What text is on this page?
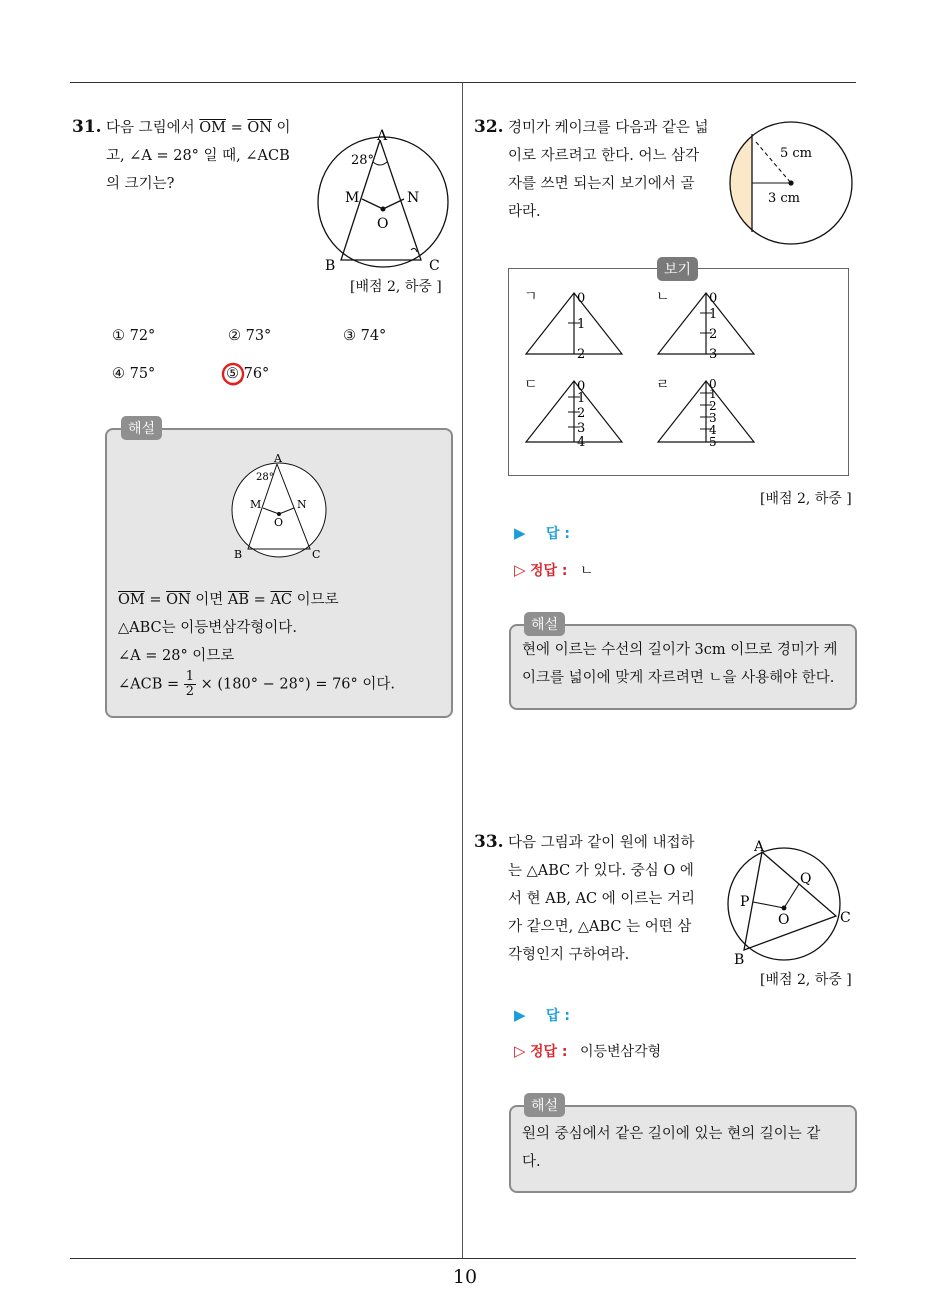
10
31. 다음 그림에서 $\overline{OM} = \overline{ON}$ 이
고, ∠A = 28° 일 때, ∠ACB
의 크기는?
A
28°
M	N
O
B	C
[배점 2, 하중 ]
① 72°	② 73°	③ 74°
④ 75°	⑤ 76°
해설
A
28°
M	N
O
B	C
$\overline{OM} = \overline{ON}$ 이면 $\overline{AB} = \overline{AC}$ 이므로
△ABC는 이등변삼각형이다.
∠A = 28° 이므로
∠ACB = $\frac{1}{2} \times (180^\circ - 28^\circ) = 76^\circ$ 이다.
32. 경미가 케이크를 다음과 같은 넓
이로 자르려고 한다. 어느 삼각
자를 쓰면 되는지 보기에서 골
라라.
5 cm
3 cm
보기
ㄱ	0
1
2
ㄴ	0
1
2
3
ㄷ	0
1
2
3
4
ㄹ	0
1
2
3
4
5
[배점 2, 하중 ]
▶ 답 :
▷ 정답 : ㄴ
해설
현에 이르는 수선의 길이가 3cm 이므로 경미가 케
이크를 넓이에 맞게 자르려면 ㄴ을 사용해야 한다.
33. 다음 그림과 같이 원에 내접하
는 △ABC 가 있다. 중심 O 에
서 현 AB, AC 에 이르는 거리
가 같으면, △ABC 는 어떤 삼
각형인지 구하여라.
A
Q
P
O	C
B
[배점 2, 하중 ]
▶ 답 :
▷ 정답 : 이등변삼각형
해설
원의 중심에서 같은 길이에 있는 현의 길이는 같
다.
